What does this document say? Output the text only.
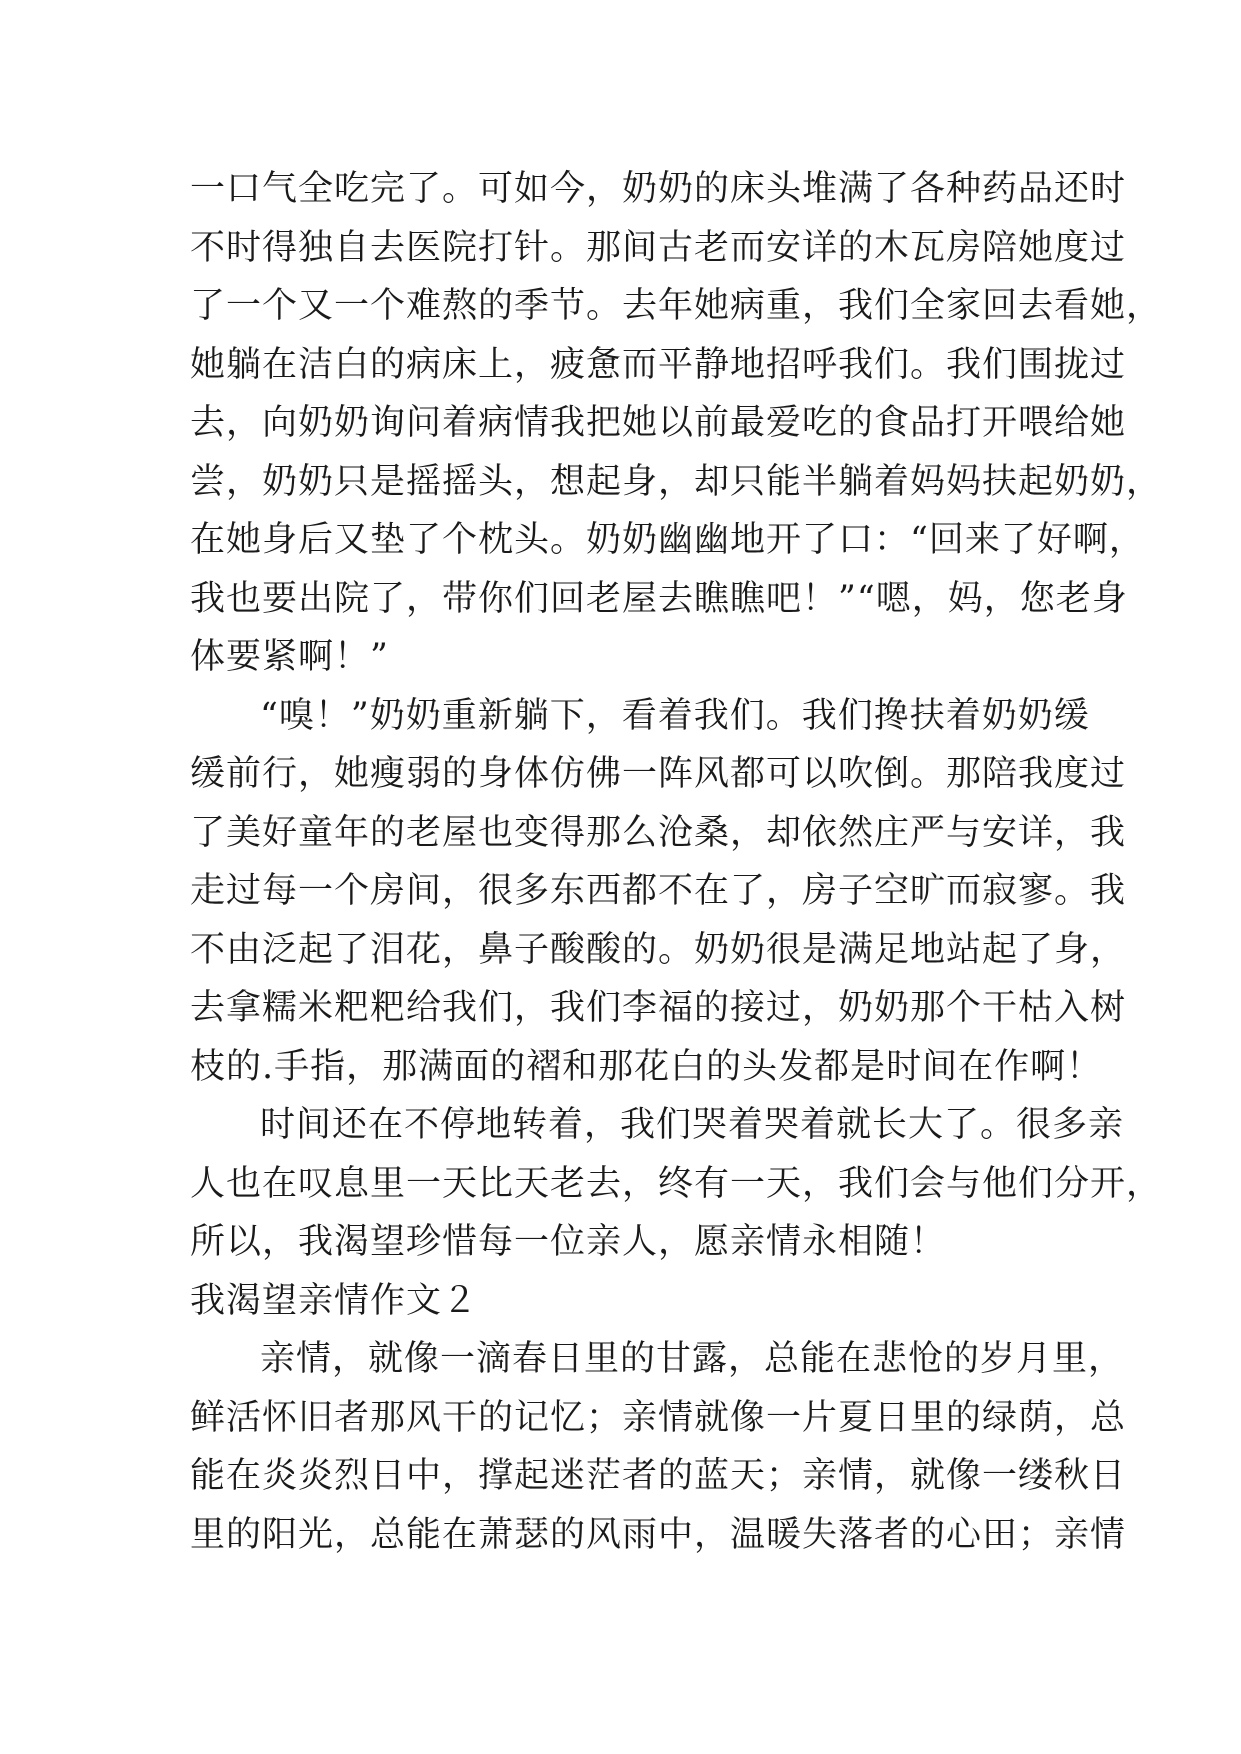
一口气全吃完了。可如今，奶奶的床头堆满了各种药品还时
不时得独自去医院打针。那间古老而安详的木瓦房陪她度过
了一个又一个难熬的季节。去年她病重，我们全家回去看她，
她躺在洁白的病床上，疲惫而平静地招呼我们。我们围拢过
去，向奶奶询问着病情我把她以前最爱吃的食品打开喂给她
尝，奶奶只是摇摇头，想起身，却只能半躺着妈妈扶起奶奶，
在她身后又垫了个枕头。奶奶幽幽地开了口：“回来了好啊，
我也要出院了，带你们回老屋去瞧瞧吧！”“嗯，妈，您老身
体要紧啊！”
“嗅！”奶奶重新躺下，看着我们。我们搀扶着奶奶缓
缓前行，她瘦弱的身体仿佛一阵风都可以吹倒。那陪我度过
了美好童年的老屋也变得那么沧桑，却依然庄严与安详，我
走过每一个房间，很多东西都不在了，房子空旷而寂寥。我
不由泛起了泪花，鼻子酸酸的。奶奶很是满足地站起了身，
去拿糯米粑粑给我们，我们李福的接过，奶奶那个干枯入树
枝的.手指，那满面的褶和那花白的头发都是时间在作啊！
时间还在不停地转着，我们哭着哭着就长大了。很多亲
人也在叹息里一天比天老去，终有一天，我们会与他们分开，
所以，我渴望珍惜每一位亲人，愿亲情永相随！
我渴望亲情作文２
亲情，就像一滴春日里的甘露，总能在悲怆的岁月里，
鲜活怀旧者那风干的记忆；亲情就像一片夏日里的绿荫，总
能在炎炎烈日中，撑起迷茫者的蓝天；亲情，就像一缕秋日
里的阳光，总能在萧瑟的风雨中，温暖失落者的心田；亲情
